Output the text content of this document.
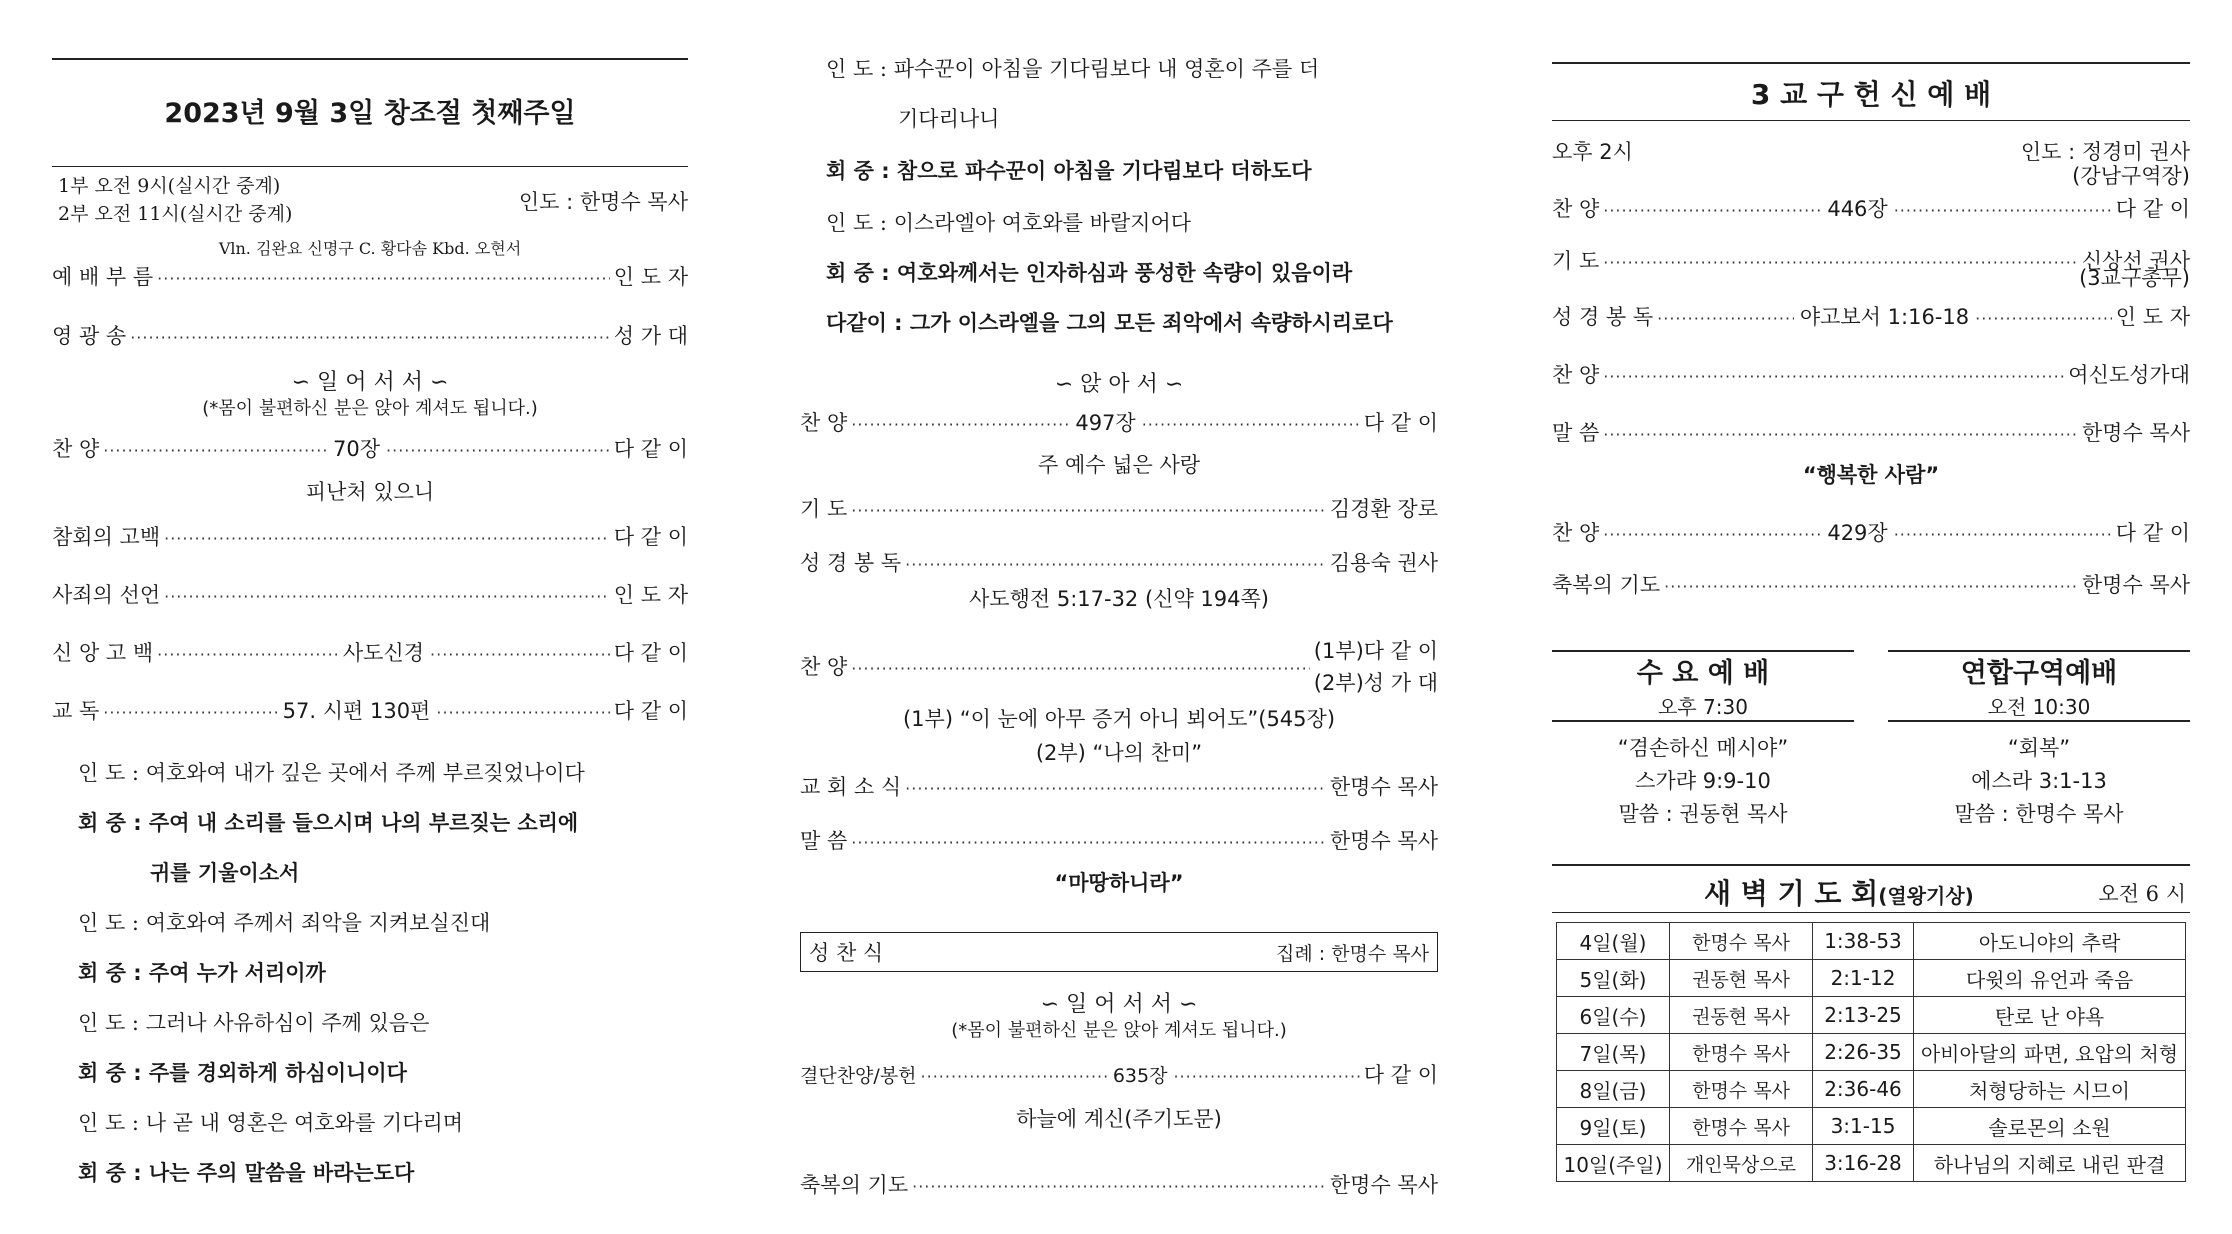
2023년 9월 3일 창조절 첫째주일
1부 오전 9시(실시간 중계)
2부 오전 11시(실시간 중계)	인도 : 한명수 목사
Vln. 김완요 신명구 C. 황다솜 Kbd. 오현서
예 배 부 름 ·····	인 도 자
영 광 송 ·····	성 가 대
∽ 일 어 서 서 ∽
(*몸이 불편하신 분은 앉아 계셔도 됩니다.)
찬 양 ·····	70장 ·····	다 같 이
피난처 있으니
참회의 고백 ·····	다 같 이
사죄의 선언 ·····	인 도 자
신 앙 고 백 ·····	사도신경 ·····	다 같 이
교 독 ·····	57. 시편 130편 ·····	다 같 이
인 도 : 여호와여 내가 깊은 곳에서 주께 부르짖었나이다
회 중 : 주여 내 소리를 들으시며 나의 부르짖는 소리에
귀를 기울이소서
인 도 : 여호와여 주께서 죄악을 지켜보실진대
회 중 : 주여 누가 서리이까
인 도 : 그러나 사유하심이 주께 있음은
회 중 : 주를 경외하게 하심이니이다
인 도 : 나 곧 내 영혼은 여호와를 기다리며
회 중 : 나는 주의 말씀을 바라는도다
인 도 : 파수꾼이 아침을 기다림보다 내 영혼이 주를 더
기다리나니
회 중 : 참으로 파수꾼이 아침을 기다림보다 더하도다
인 도 : 이스라엘아 여호와를 바랄지어다
회 중 : 여호와께서는 인자하심과 풍성한 속량이 있음이라
다같이 : 그가 이스라엘을 그의 모든 죄악에서 속량하시리로다
∽ 앉 아 서 ∽
찬 양 ·····	497장 ·····	다 같 이
주 예수 넓은 사랑
기 도 ·····	김경환 장로
성 경 봉 독 ·····	김용숙 권사
사도행전 5:17-32 (신약 194쪽)
찬 양
·····
(1부)다 같 이
(2부)성 가 대
(1부) “이 눈에 아무 증거 아니 뵈어도”(545장)
(2부) “나의 찬미”
교 회 소 식 ·····	한명수 목사
말 씀 ·····	한명수 목사
“마땅하니라”
성 찬 식	집례 : 한명수 목사
∽ 일 어 서 서 ∽
(*몸이 불편하신 분은 앉아 계셔도 됩니다.)
결단찬양/봉헌 ·····	635장 ·····	다 같 이
하늘에 계신(주기도문)
축복의 기도 ·····	한명수 목사
3 교 구 헌 신 예 배
오후 2시	인도 : 정경미 권사
(강남구역장)
찬 양 ·····	446장 ·····	다 같 이
기 도 ·····	신상선 권사
(3교구총무)
성 경 봉 독 ·····	야고보서 1:16-18 ·····	인 도 자
찬 양 ·····	여신도성가대
말 씀 ·····	한명수 목사
“행복한 사람”
찬 양 ·····	429장 ·····	다 같 이
축복의 기도 ·····	한명수 목사
수 요 예 배
오후 7:30
“겸손하신 메시야”
스가랴 9:9-10
말씀 : 권동현 목사
연합구역예배
오전 10:30
“회복”
에스라 3:1-13
말씀 : 한명수 목사
새 벽 기 도 회(열왕기상)	오전 6 시
4일(월)	한명수 목사	1:38-53	아도니야의 추락
5일(화)	권동현 목사	2:1-12	다윗의 유언과 죽음
6일(수)	권동현 목사	2:13-25	탄로 난 야욕
7일(목)	한명수 목사	2:26-35	아비아달의 파면, 요압의 처형
8일(금)	한명수 목사	2:36-46	처형당하는 시므이
9일(토)	한명수 목사	3:1-15	솔로몬의 소원
10일(주일)	개인묵상으로	3:16-28	하나님의 지혜로 내린 판결
